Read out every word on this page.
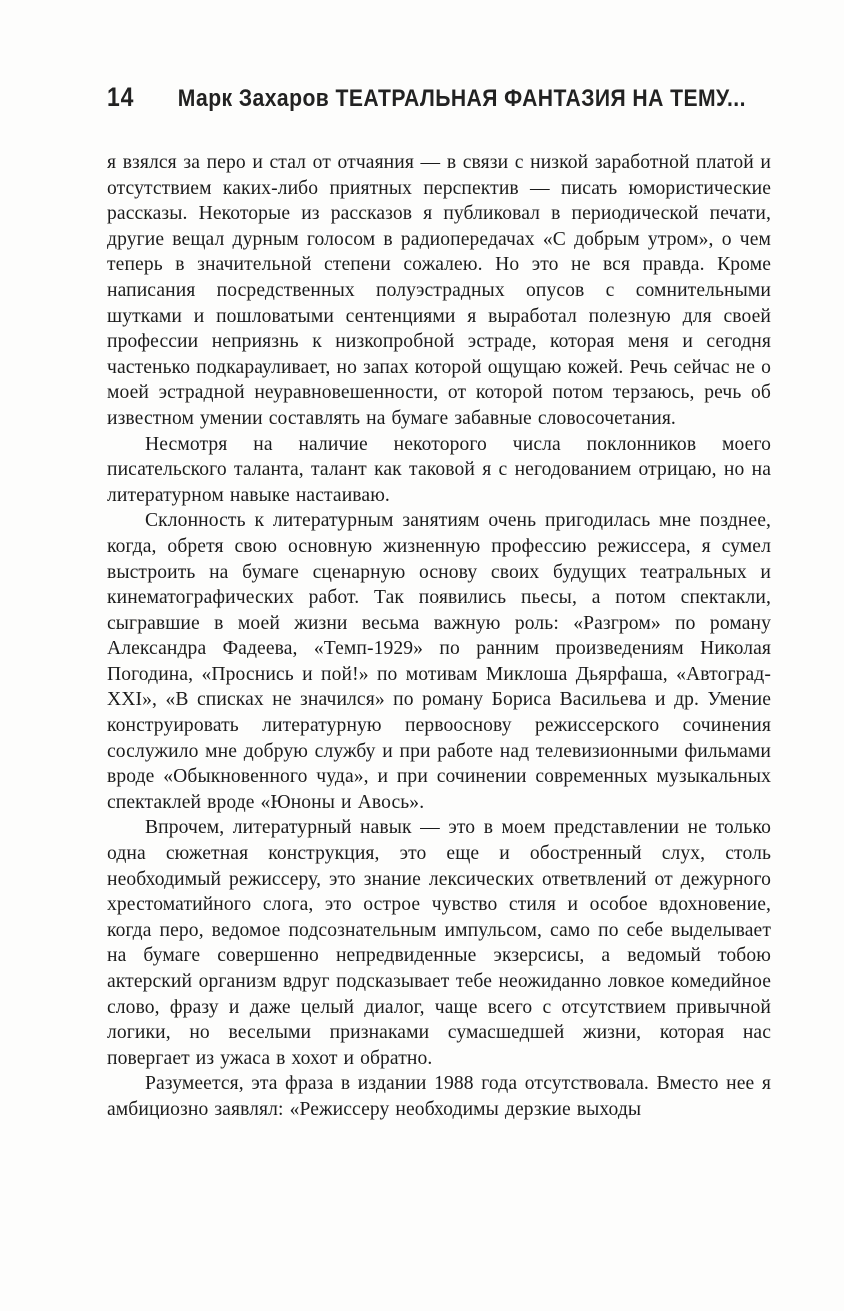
14 Марк Захаров ТЕАТРАЛЬНАЯ ФАНТАЗИЯ НА ТЕМУ...

я взялся за перо и стал от отчаяния — в связи с низкой заработной платой и отсутствием каких-либо приятных перспектив — писать юмористические рассказы. Некоторые из рассказов я публиковал в периодической печати, другие вещал дурным голосом в радиопередачах «С добрым утром», о чем теперь в значительной степени сожалею. Но это не вся правда. Кроме написания посредственных полуэстрадных опусов с сомнительными шутками и пошловатыми сентенциями я выработал полезную для своей профессии неприязнь к низкопробной эстраде, которая меня и сегодня частенько подкарауливает, но запах которой ощущаю кожей. Речь сейчас не о моей эстрадной неуравновешенности, от которой потом терзаюсь, речь об известном умении составлять на бумаге забавные словосочетания.

Несмотря на наличие некоторого числа поклонников моего писательского таланта, талант как таковой я с негодованием отрицаю, но на литературном навыке настаиваю.

Склонность к литературным занятиям очень пригодилась мне позднее, когда, обретя свою основную жизненную профессию режиссера, я сумел выстроить на бумаге сценарную основу своих будущих театральных и кинематографических работ. Так появились пьесы, а потом спектакли, сыгравшие в моей жизни весьма важную роль: «Разгром» по роману Александра Фадеева, «Темп-1929» по ранним произведениям Николая Погодина, «Проснись и пой!» по мотивам Миклоша Дьярфаша, «Автоград-XXI», «В списках не значился» по роману Бориса Васильева и др. Умение конструировать литературную первооснову режиссерского сочинения сослужило мне добрую службу и при работе над телевизионными фильмами вроде «Обыкновенного чуда», и при сочинении современных музыкальных спектаклей вроде «Юноны и Авось».

Впрочем, литературный навык — это в моем представлении не только одна сюжетная конструкция, это еще и обостренный слух, столь необходимый режиссеру, это знание лексических ответвлений от дежурного хрестоматийного слога, это острое чувство стиля и особое вдохновение, когда перо, ведомое подсознательным импульсом, само по себе выделывает на бумаге совершенно непредвиденные экзерсисы, а ведомый тобою актерский организм вдруг подсказывает тебе неожиданно ловкое комедийное слово, фразу и даже целый диалог, чаще всего с отсутствием привычной логики, но веселыми признаками сумасшедшей жизни, которая нас повергает из ужаса в хохот и обратно.

Разумеется, эта фраза в издании 1988 года отсутствовала. Вместо нее я амбициозно заявлял: «Режиссеру необходимы дерзкие выходы
